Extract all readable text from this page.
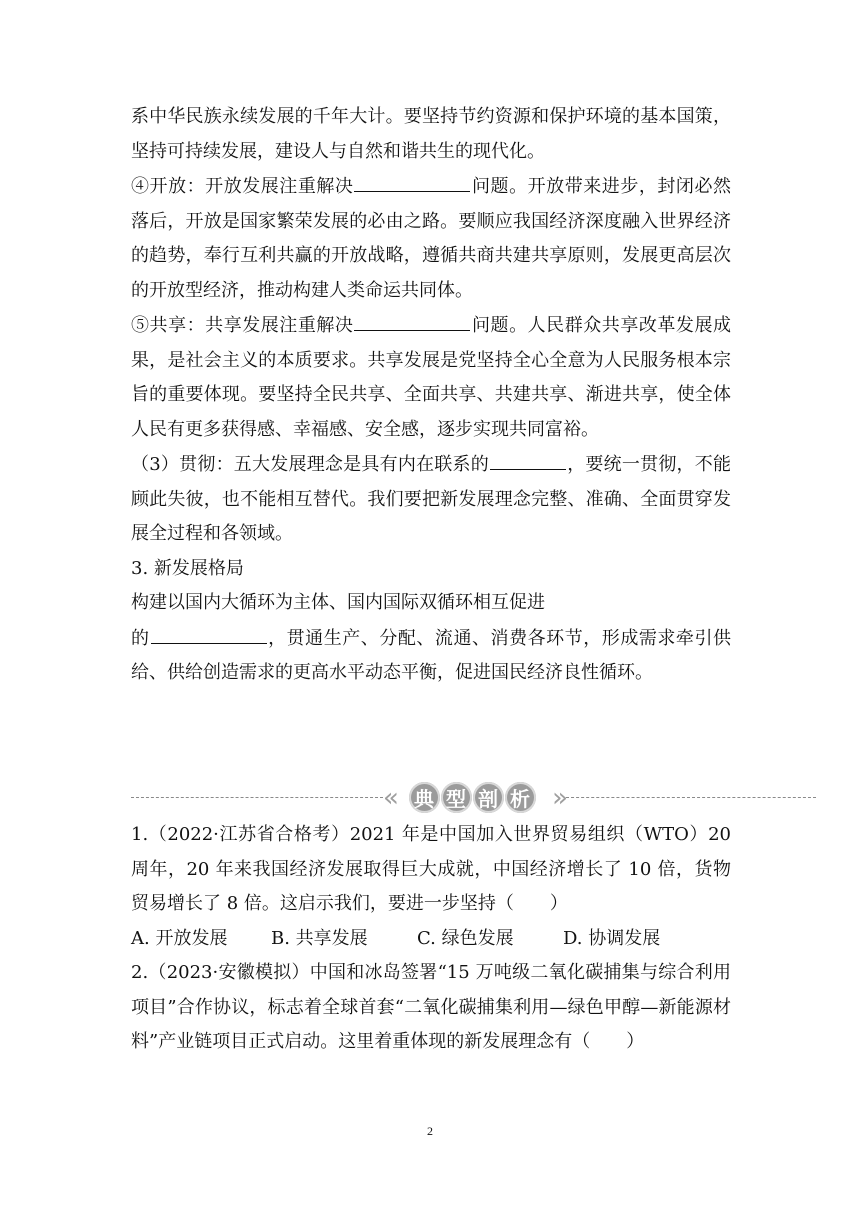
系中华民族永续发展的千年大计。要坚持节约资源和保护环境的基本国策，坚持可持续发展，建设人与自然和谐共生的现代化。

④开放：开放发展注重解决	问题。开放带来进步，封闭必然落后，开放是国家繁荣发展的必由之路。要顺应我国经济深度融入世界经济的趋势，奉行互利共赢的开放战略，遵循共商共建共享原则，发展更高层次的开放型经济，推动构建人类命运共同体。

⑤共享：共享发展注重解决	问题。人民群众共享改革发展成果，是社会主义的本质要求。共享发展是党坚持全心全意为人民服务根本宗旨的重要体现。要坚持全民共享、全面共享、共建共享、渐进共享，使全体人民有更多获得感、幸福感、安全感，逐步实现共同富裕。

（3）贯彻：五大发展理念是具有内在联系的	，要统一贯彻，不能顾此失彼，也不能相互替代。我们要把新发展理念完整、准确、全面贯穿发展全过程和各领域。

3. 新发展格局

构建以国内大循环为主体、国内国际双循环相互促进

的	，贯通生产、分配、流通、消费各环节，形成需求牵引供给、供给创造需求的更高水平动态平衡，促进国民经济良性循环。

« 典 型 剖 析 »

1.（2022·江苏省合格考）2021 年是中国加入世界贸易组织（WTO）20 周年，20 年来我国经济发展取得巨大成就，中国经济增长了 10 倍，货物贸易增长了 8 倍。这启示我们，要进一步坚持（　　）

A. 开放发展	B. 共享发展	C. 绿色发展	D. 协调发展

2.（2023·安徽模拟）中国和冰岛签署“15 万吨级二氧化碳捕集与综合利用项目”合作协议，标志着全球首套“二氧化碳捕集利用—绿色甲醇—新能源材料”产业链项目正式启动。这里着重体现的新发展理念有（　　）

2
